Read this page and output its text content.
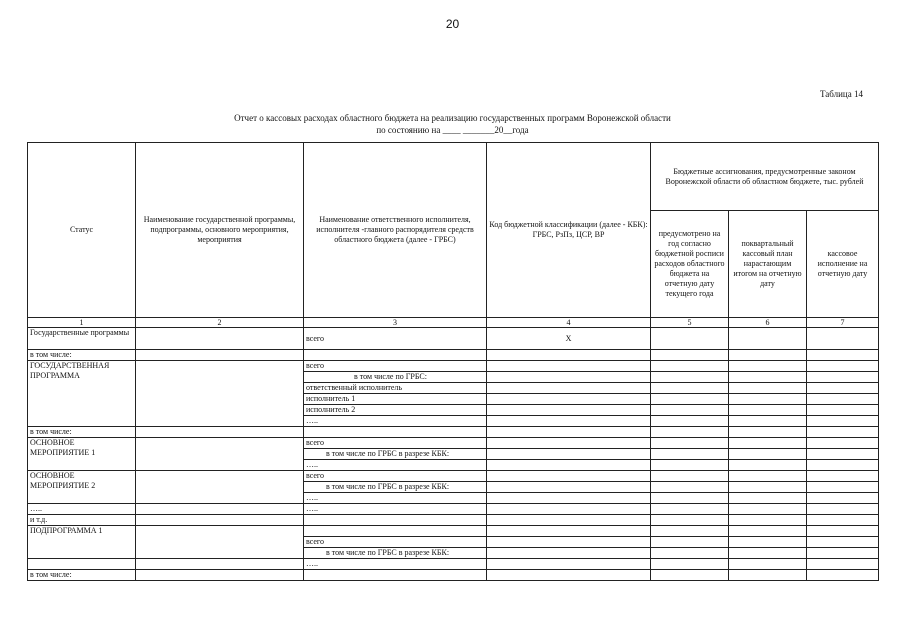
20
Таблица 14
Отчет о кассовых расходах областного бюджета на реализацию государственных программ Воронежской области
по состоянию на ____ _______20__года
Статус	Наименование государственной программы, подпрограммы, основного мероприятия, мероприятия	Наименование ответственного исполнителя, исполнителя -главного распорядителя средств областного бюджета (далее - ГРБС)	Код бюджетной классификации (далее - КБК): ГРБС, РзПз, ЦСР, ВР	Бюджетные ассигнования, предусмотренные законом Воронежской области об областном бюджете, тыс. рублей		
				предусмотрено на год согласно бюджетной росписи расходов областного бюджета на отчетную дату текущего года	поквартальный кассовый план нарастающим итогом на отчетную дату	кассовое исполнение на отчетную дату
1	2	3	4	5	6	7
Государственные программы		всего	Х			
в том числе:						
ГОСУДАРСТВЕННАЯ ПРОГРАММА		всего				
		в том числе по ГРБС:				
		ответственный исполнитель				
		исполнитель 1				
		исполнитель 2				
		…..				
в том числе:						
ОСНОВНОЕ МЕРОПРИЯТИЕ 1		всего				
		в том числе по ГРБС в разрезе КБК:				
		…..				
ОСНОВНОЕ МЕРОПРИЯТИЕ 2		всего				
		в том числе по ГРБС в разрезе КБК:				
		…..				
…..		…..				
и т.д.						
ПОДПРОГРАММА 1						
		всего				
		в том числе по ГРБС в разрезе КБК:				
		…..				
в том числе:						
